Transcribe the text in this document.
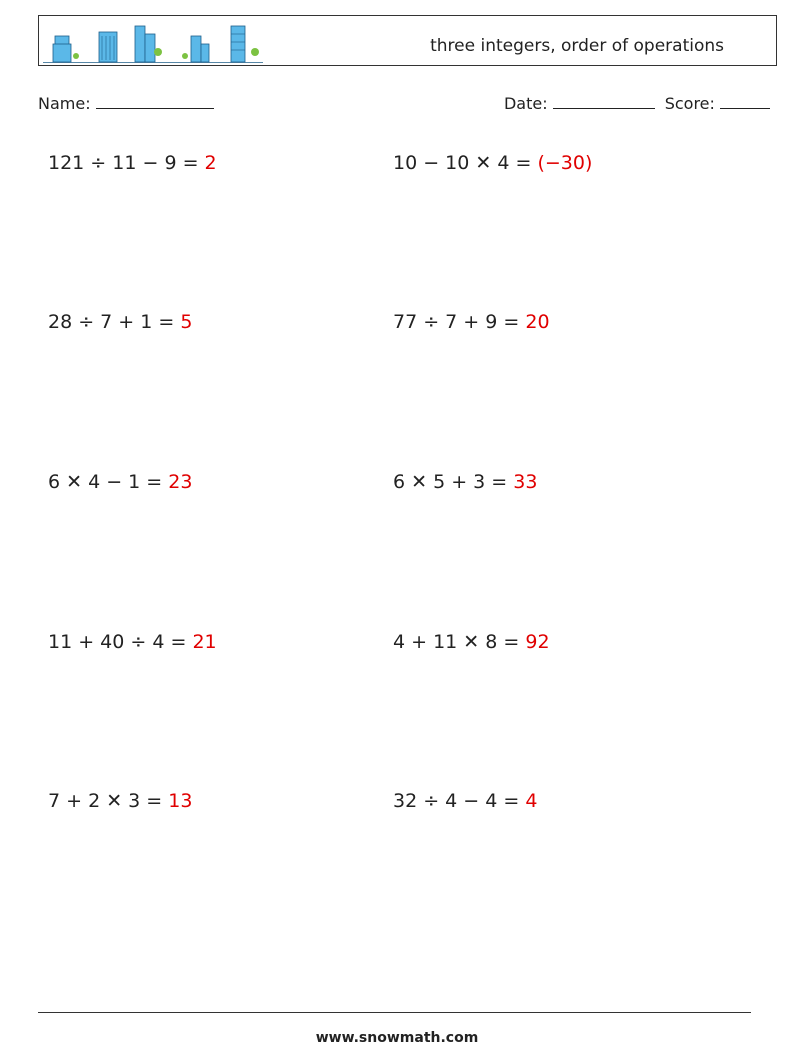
three integers, order of operations
Name:	Date:	Score:
121 ÷ 11 − 9 = 2	10 − 10 ✕ 4 = (−30)
28 ÷ 7 + 1 = 5	77 ÷ 7 + 9 = 20
6 ✕ 4 − 1 = 23	6 ✕ 5 + 3 = 33
11 + 40 ÷ 4 = 21	4 + 11 ✕ 8 = 92
7 + 2 ✕ 3 = 13	32 ÷ 4 − 4 = 4
www.snowmath.com
